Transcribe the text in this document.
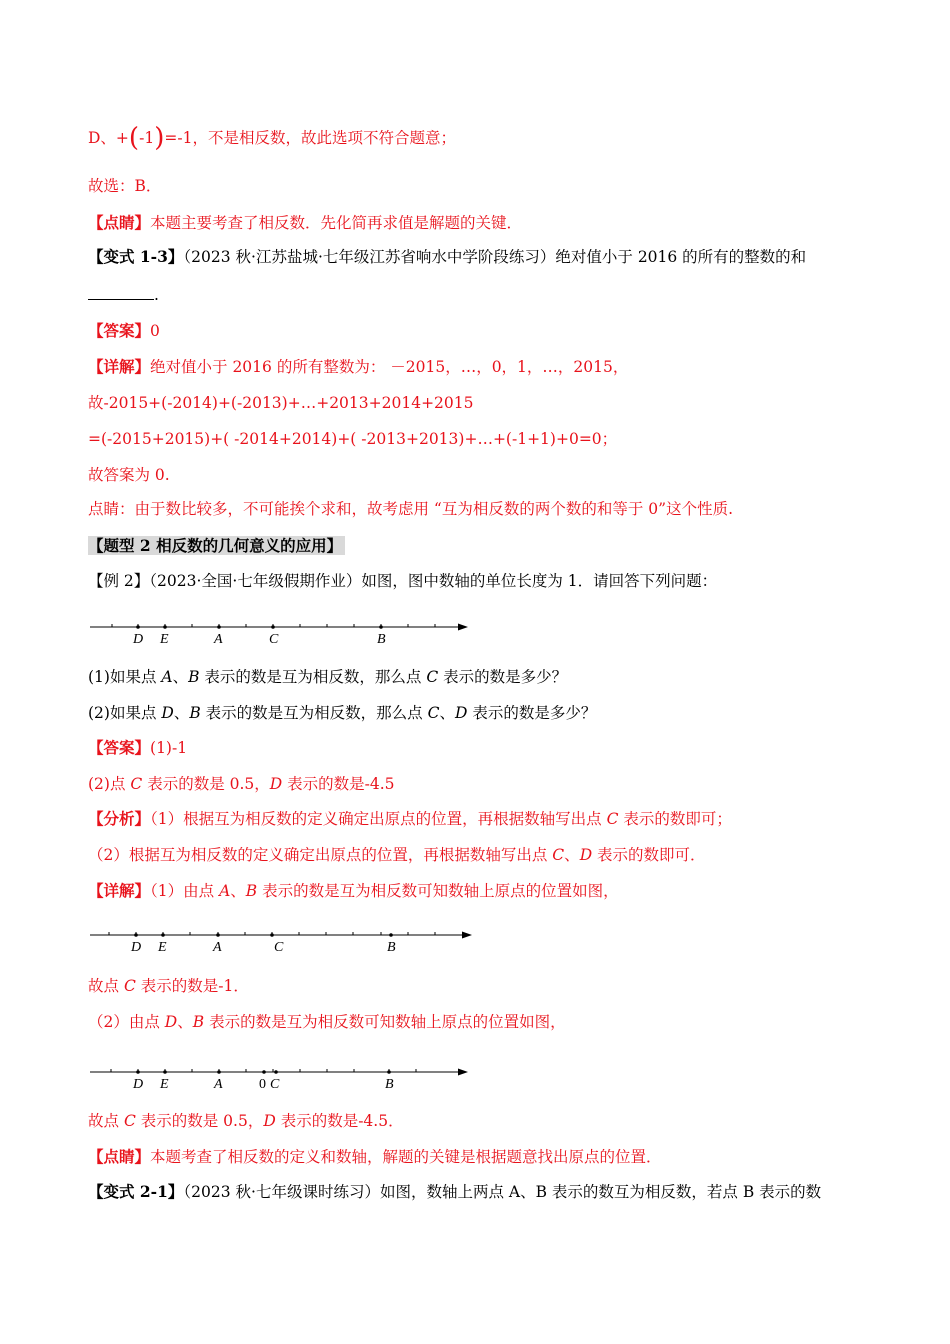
D、+(-1)=-1，不是相反数，故此选项不符合题意；
故选：B．
【点睛】本题主要考查了相反数．先化简再求值是解题的关键．
【变式 1-3】（2023 秋·江苏盐城·七年级江苏省响水中学阶段练习）绝对值小于 2016 的所有的整数的和
.
【答案】0
【详解】绝对值小于 2016 的所有整数为： －2015，…，0，1，…，2015，
故-2015+(-2014)+(-2013)+…+2013+2014+2015
=(-2015+2015)+( -2014+2014)+( -2013+2013)+…+(-1+1)+0=0；
故答案为 0.
点睛：由于数比较多，不可能挨个求和，故考虑用 “互为相反数的两个数的和等于 0”这个性质.
【题型 2 相反数的几何意义的应用】
【例 2】（2023·全国·七年级假期作业）如图，图中数轴的单位长度为 1．请回答下列问题：
D E	A	C	B
(1)如果点 A、B 表示的数是互为相反数，那么点 C 表示的数是多少？
(2)如果点 D、B 表示的数是互为相反数，那么点 C、D 表示的数是多少？
【答案】(1)-1
(2)点 C 表示的数是 0.5，D 表示的数是-4.5
【分析】（1）根据互为相反数的定义确定出原点的位置，再根据数轴写出点 C 表示的数即可；
（2）根据互为相反数的定义确定出原点的位置，再根据数轴写出点 C、D 表示的数即可．
【详解】（1）由点 A、B 表示的数是互为相反数可知数轴上原点的位置如图，
D E	A	C	B
故点 C 表示的数是-1．
（2）由点 D、B 表示的数是互为相反数可知数轴上原点的位置如图，
D E	A	0 C	B
故点 C 表示的数是 0.5，D 表示的数是-4.5．
【点睛】本题考查了相反数的定义和数轴，解题的关键是根据题意找出原点的位置．
【变式 2-1】（2023 秋·七年级课时练习）如图，数轴上两点 A、B 表示的数互为相反数，若点 B 表示的数
